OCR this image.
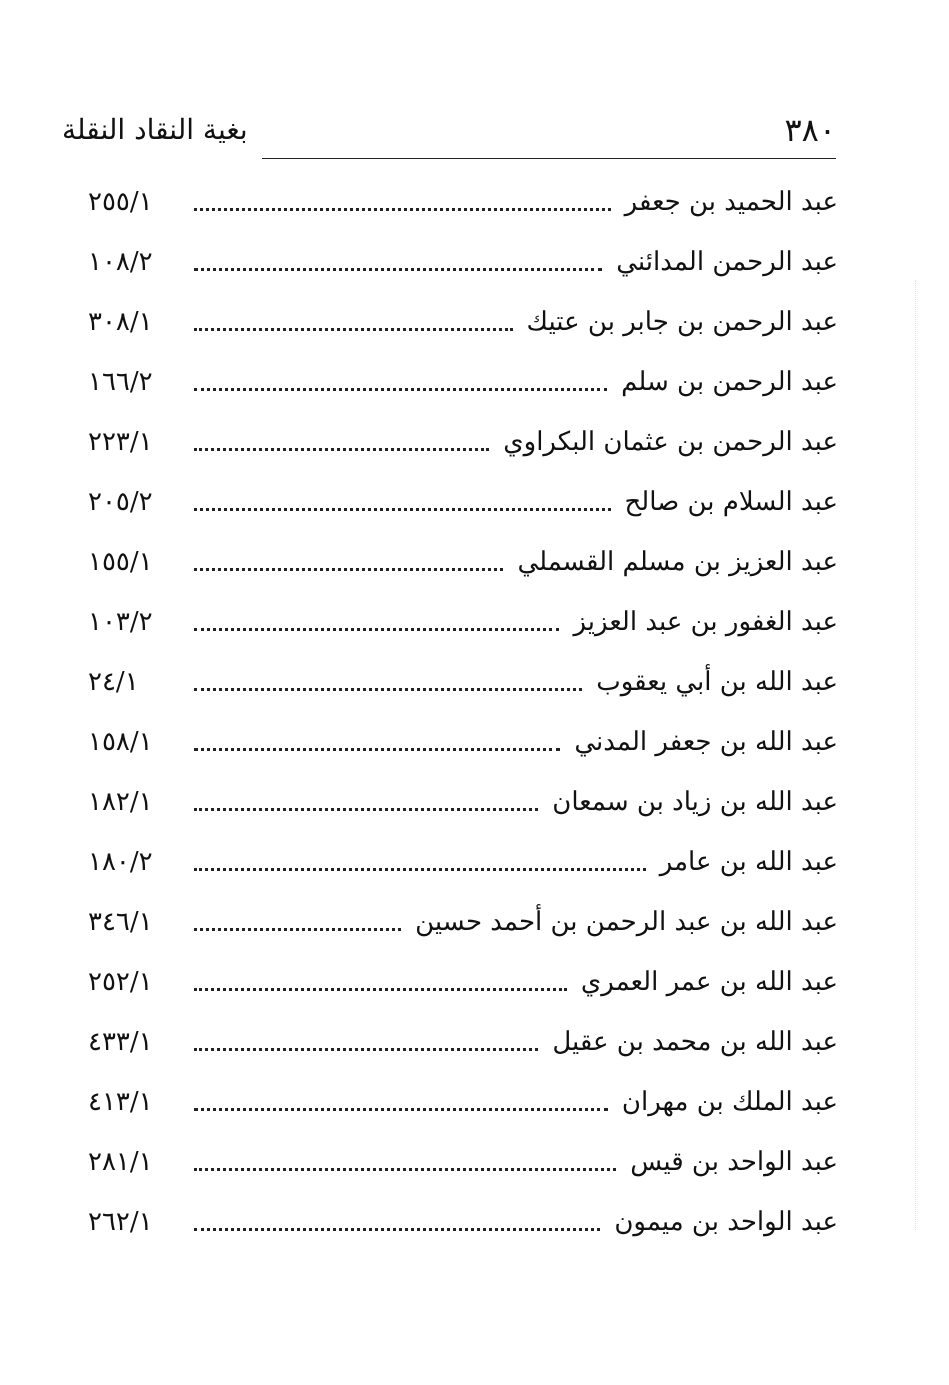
٣٨٠
بغية النقاد النقلة
عبد الحميد بن جعفر
٢٥٥/١
عبد الرحمن المدائني
١٠٨/٢
عبد الرحمن بن جابر بن عتيك
٣٠٨/١
عبد الرحمن بن سلم
١٦٦/٢
عبد الرحمن بن عثمان البكراوي
٢٢٣/١
عبد السلام بن صالح
٢٠٥/٢
عبد العزيز بن مسلم القسملي
١٥٥/١
عبد الغفور بن عبد العزيز
١٠٣/٢
عبد الله بن أبي يعقوب
٢٤/١
عبد الله بن جعفر المدني
١٥٨/١
عبد الله بن زياد بن سمعان
١٨٢/١
عبد الله بن عامر
١٨٠/٢
عبد الله بن عبد الرحمن بن أحمد حسين
٣٤٦/١
عبد الله بن عمر العمري
٢٥٢/١
عبد الله بن محمد بن عقيل
٤٣٣/١
عبد الملك بن مهران
٤١٣/١
عبد الواحد بن قيس
٢٨١/١
عبد الواحد بن ميمون
٢٦٢/١
